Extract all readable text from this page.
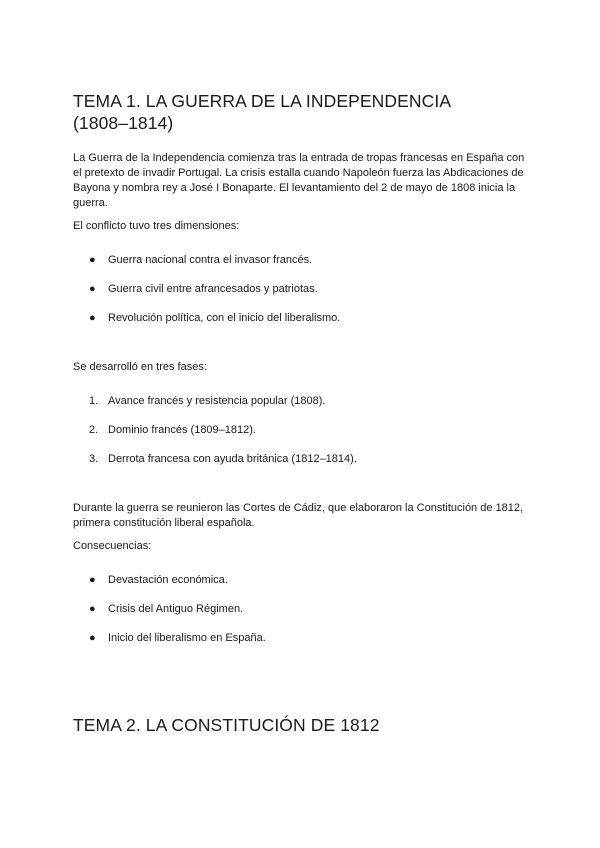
TEMA 1. LA GUERRA DE LA INDEPENDENCIA
(1808–1814)
La Guerra de la Independencia comienza tras la entrada de tropas francesas en España con
el pretexto de invadir Portugal. La crisis estalla cuando Napoleón fuerza las Abdicaciones de
Bayona y nombra rey a José I Bonaparte. El levantamiento del 2 de mayo de 1808 inicia la
guerra.
El conflicto tuvo tres dimensiones:
● Guerra nacional contra el invasor francés.
● Guerra civil entre afrancesados y patriotas.
● Revolución política, con el inicio del liberalismo.
Se desarrolló en tres fases:
1. Avance francés y resistencia popular (1808).
2. Dominio francés (1809–1812).
3. Derrota francesa con ayuda británica (1812–1814).
Durante la guerra se reunieron las Cortes de Cádiz, que elaboraron la Constitución de 1812,
primera constitución liberal española.
Consecuencias:
● Devastación económica.
● Crisis del Antiguo Régimen.
● Inicio del liberalismo en España.
TEMA 2. LA CONSTITUCIÓN DE 1812
